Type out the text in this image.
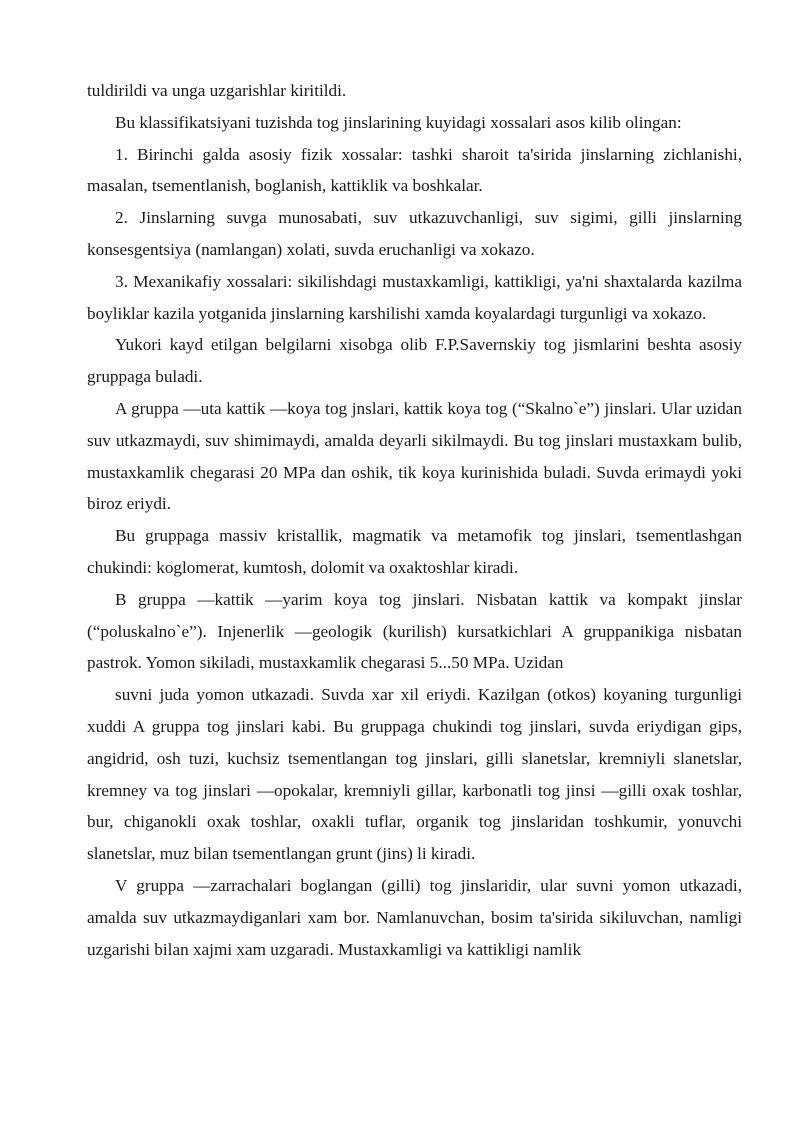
tuldirildi va unga uzgarishlar kiritildi.

Bu klassifikatsiyani tuzishda tog jinslarining kuyidagi xossalari asos kilib olingan:

1. Birinchi galda asosiy fizik xossalar: tashki sharoit ta'sirida jinslarning zichlanishi, masalan, tsementlanish, boglanish, kattiklik va boshkalar.

2. Jinslarning suvga munosabati, suv utkazuvchanligi, suv sigimi, gilli jinslarning konsesgentsiya (namlangan) xolati, suvda eruchanligi va xokazo.

3. Mexanikafiy xossalari: sikilishdagi mustaxkamligi, kattikligi, ya'ni shaxtalarda kazilma boyliklar kazila yotganida jinslarning karshilishi xamda koyalardagi turgunligi va xokazo.

Yukori kayd etilgan belgilarni xisobga olib F.P.Savernskiy tog jismlarini beshta asosiy gruppaga buladi.

A gruppa —uta kattik —koya tog jnslari, kattik koya tog (“Skalno`e”) jinslari. Ular uzidan suv utkazmaydi, suv shimimaydi, amalda deyarli sikilmaydi. Bu tog jinslari mustaxkam bulib, mustaxkamlik chegarasi 20 MPa dan oshik, tik koya kurinishida buladi. Suvda erimaydi yoki biroz eriydi.

Bu gruppaga massiv kristallik, magmatik va metamofik tog jinslari, tsementlashgan chukindi: koglomerat, kumtosh, dolomit va oxaktoshlar kiradi.

B gruppa —kattik —yarim koya tog jinslari. Nisbatan kattik va kompakt jinslar (“poluskalno`e”). Injenerlik —geologik (kurilish) kursatkichlari A gruppanikiga nisbatan pastrok. Yomon sikiladi, mustaxkamlik chegarasi 5...50 MPa. Uzidan

suvni juda yomon utkazadi. Suvda xar xil eriydi. Kazilgan (otkos) koyaning turgunligi xuddi A gruppa tog jinslari kabi. Bu gruppaga chukindi tog jinslari, suvda eriydigan gips, angidrid, osh tuzi, kuchsiz tsementlangan tog jinslari, gilli slanetslar, kremniyli slanetslar, kremney va tog jinslari —opokalar, kremniyli gillar, karbonatli tog jinsi —gilli oxak toshlar, bur, chiganokli oxak toshlar, oxakli tuflar, organik tog jinslaridan toshkumir, yonuvchi slanetslar, muz bilan tsementlangan grunt (jins) li kiradi.

V gruppa —zarrachalari boglangan (gilli) tog jinslaridir, ular suvni yomon utkazadi, amalda suv utkazmaydiganlari xam bor. Namlanuvchan, bosim ta'sirida sikiluvchan, namligi uzgarishi bilan xajmi xam uzgaradi. Mustaxkamligi va kattikligi namlik
